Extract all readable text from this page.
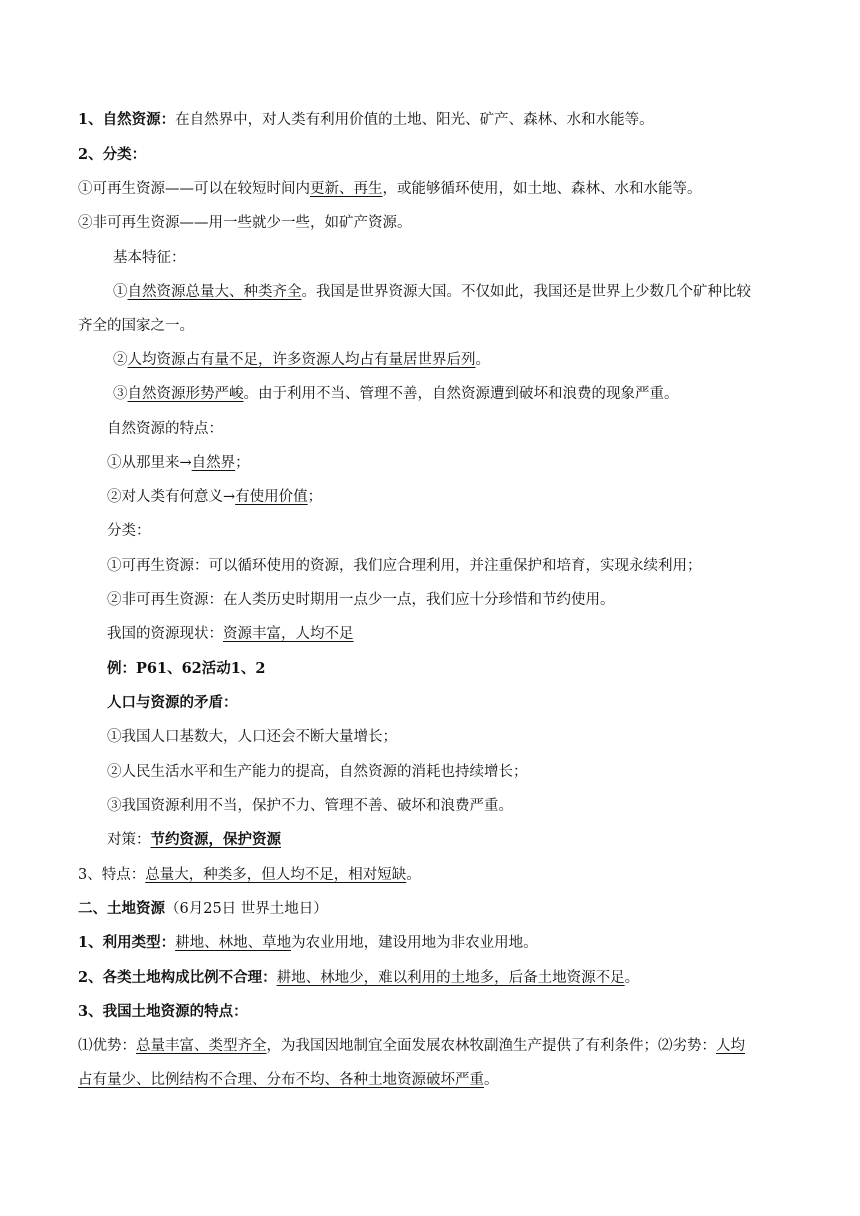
1、自然资源：在自然界中，对人类有利用价值的土地、阳光、矿产、森林、水和水能等。
2、分类：
①可再生资源——可以在较短时间内更新、再生，或能够循环使用，如土地、森林、水和水能等。
②非可再生资源——用一些就少一些，如矿产资源。
基本特征：
①自然资源总量大、种类齐全。我国是世界资源大国。不仅如此，我国还是世界上少数几个矿种比较
齐全的国家之一。
②人均资源占有量不足，许多资源人均占有量居世界后列。
③自然资源形势严峻。由于利用不当、管理不善，自然资源遭到破坏和浪费的现象严重。
自然资源的特点：
①从那里来→自然界；
②对人类有何意义→有使用价值；
分类：
①可再生资源：可以循环使用的资源，我们应合理利用，并注重保护和培育，实现永续利用；
②非可再生资源：在人类历史时期用一点少一点，我们应十分珍惜和节约使用。
我国的资源现状：资源丰富，人均不足
例：P61、62活动1、2
人口与资源的矛盾：
①我国人口基数大，人口还会不断大量增长；
②人民生活水平和生产能力的提高，自然资源的消耗也持续增长；
③我国资源利用不当，保护不力、管理不善、破坏和浪费严重。
对策：节约资源，保护资源
3、特点：总量大，种类多，但人均不足，相对短缺。
二、土地资源（6月25日 世界土地日）
1、利用类型：耕地、林地、草地为农业用地，建设用地为非农业用地。
2、各类土地构成比例不合理：耕地、林地少，难以利用的土地多，后备土地资源不足。
3、我国土地资源的特点：
⑴优势：总量丰富、类型齐全，为我国因地制宜全面发展农林牧副渔生产提供了有利条件；⑵劣势：人均
占有量少、比例结构不合理、分布不均、各种土地资源破坏严重。
